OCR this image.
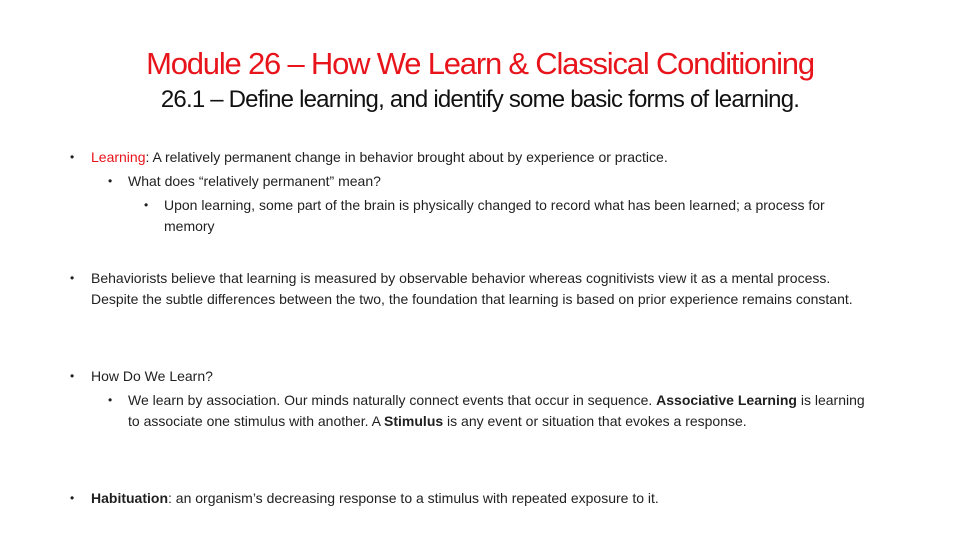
Module 26 – How We Learn & Classical Conditioning
26.1 – Define learning, and identify some basic forms of learning.
• Learning: A relatively permanent change in behavior brought about by experience or practice.
• What does “relatively permanent” mean?
• Upon learning, some part of the brain is physically changed to record what has been learned; a process for memory
• Behaviorists believe that learning is measured by observable behavior whereas cognitivists view it as a mental process. Despite the subtle differences between the two, the foundation that learning is based on prior experience remains constant.
• How Do We Learn?
• We learn by association. Our minds naturally connect events that occur in sequence. Associative Learning is learning to associate one stimulus with another. A Stimulus is any event or situation that evokes a response.
• Habituation: an organism’s decreasing response to a stimulus with repeated exposure to it.
